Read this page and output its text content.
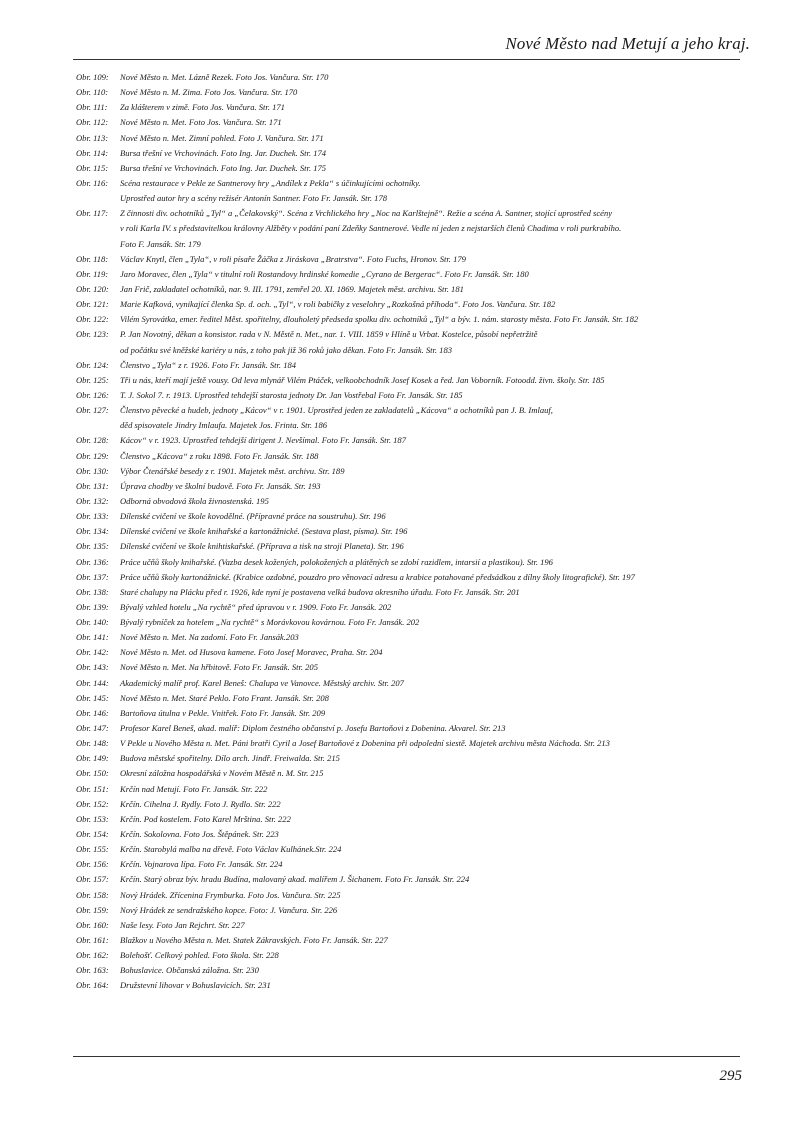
Nové Město nad Metují a jeho kraj.
Obr. 109:	Nové Město n. Met. Lázně Rezek. Foto Jos. Vančura. Str. 170
Obr. 110:	Nové Město n. M. Zima. Foto Jos. Vančura. Str. 170
Obr. 111:	Za klášterem v zimě. Foto Jos. Vančura. Str. 171
Obr. 112:	Nové Město n. Met. Foto Jos. Vančura. Str. 171
Obr. 113:	Nové Město n. Met. Zimní pohled. Foto J. Vančura. Str. 171
Obr. 114:	Bursa třešní ve Vrchovinách. Foto Ing. Jar. Duchek. Str. 174
Obr. 115:	Bursa třešní ve Vrchovinách. Foto Ing. Jar. Duchek. Str. 175
Obr. 116:	Scéna restaurace v Pekle ze Santnerovy hry „Andílek z Pekla“ s účinkujícími ochotníky.
Uprostřed autor hry a scény režisér Antonín Santner. Foto Fr. Jansák. Str. 178
Obr. 117:	Z činnosti div. ochotníků „Tyl“ a „Čelakovský“. Scéna z Vrchlického hry „Noc na Karlštejně“. Režie a scéna A. Santner, stojící uprostřed scény
v roli Karla IV. s představitelkou královny Alžběty v podání paní Zdeňky Santnerové. Vedle ní jeden z nejstarších členů Chadima v roli purkrabího.
Foto F. Jansák. Str. 179
Obr. 118:	Václav Knytl, člen „Tyla“, v roli písaře Žáčka z Jiráskova „Bratrstva“. Foto Fuchs, Hronov. Str. 179
Obr. 119:	Jaro Moravec, člen „Tyla“ v titulní roli Rostandovy hrdinské komedie „Cyrano de Bergerac“. Foto Fr. Jansák. Str. 180
Obr. 120:	Jan Frič, zakladatel ochotníků, nar. 9. III. 1791, zemřel 20. XI. 1869. Majetek měst. archivu. Str. 181
Obr. 121:	Marie Kafková, vynikající členka Sp. d. och. „Tyl“, v roli babičky z veselohry „Rozkošná příhoda“. Foto Jos. Vančura. Str. 182
Obr. 122:	Vilém Syrovátka, emer. ředitel Měst. spořitelny, dlouholetý předseda spolku div. ochotníků „Tyl“ a býv. 1. nám. starosty města. Foto Fr. Jansák. Str. 182
Obr. 123:	P. Jan Novotný, děkan a konsistor. rada v N. Městě n. Met., nar. 1. VIII. 1859 v Hlíně u Vrbat. Kostelce, působí nepřetržitě
od počátku své kněžské kariéry u nás, z toho pak již 36 roků jako děkan. Foto Fr. Jansák. Str. 183
Obr. 124:	Členstvo „Tyla“ z r. 1926. Foto Fr. Jansák. Str. 184
Obr. 125:	Tři u nás, kteří mají ještě vousy. Od leva mlynář Vilém Ptáček, velkoobchodník Josef Kosek a řed. Jan Voborník. Fotoodd. živn. školy. Str. 185
Obr. 126:	T. J. Sokol 7. r. 1913. Uprostřed tehdejší starosta jednoty Dr. Jan Vostřebal Foto Fr. Jansák. Str. 185
Obr. 127:	Členstvo pěvecké a hudeb, jednoty „Kácov“ v r. 1901. Uprostřed jeden ze zakladatelů „Kácova“ a ochotníků pan J. B. Imlauf,
děd spisovatele Jindry Imlaufa. Majetek Jos. Frinta. Str. 186
Obr. 128:	Kácov“ v r. 1923. Uprostřed tehdejší dirigent J. Nevšímal. Foto Fr. Jansák. Str. 187
Obr. 129:	Členstvo „Kácova“ z roku 1898. Foto Fr. Jansák. Str. 188
Obr. 130:	Výbor Čtenářské besedy z r. 1901. Majetek měst. archivu. Str. 189
Obr. 131:	Úprava chodby ve školní budově. Foto Fr. Jansák. Str. 193
Obr. 132:	Odborná obvodová škola živnostenská. 195
Obr. 133:	Dílenské cvičení ve škole kovodělné. (Přípravné práce na soustruhu). Str. 196
Obr. 134:	Dílenské cvičení ve škole knihařské a kartonážnické. (Sestava plast, písma). Str. 196
Obr. 135:	Dílenské cvičení ve škole knihtiskařské. (Příprava a tisk na stroji Planeta). Str. 196
Obr. 136:	Práce učňů školy knihařské. (Vazba desek kožených, polokožených a plátěných se zdobí razidlem, intarsií a plastikou). Str. 196
Obr. 137:	Práce učňů školy kartonážnické. (Krabice ozdobné, pouzdro pro věnovací adresu a krabice potahované předsádkou z dílny školy litografické). Str. 197
Obr. 138:	Staré chalupy na Plácku před r. 1926, kde nyní je postavena velká budova okresního úřadu. Foto Fr. Jansák. Str. 201
Obr. 139:	Bývalý vzhled hotelu „Na rychtě“ před úpravou v r. 1909. Foto Fr. Jansák. 202
Obr. 140:	Bývalý rybníček za hotelem „Na rychtě“ s Morávkovou kovárnou. Foto Fr. Jansák. 202
Obr. 141:	Nové Město n. Met. Na zadomí. Foto Fr. Jansák.203
Obr. 142:	Nové Město n. Met. od Husova kamene. Foto Josef Moravec, Praha. Str. 204
Obr. 143:	Nové Město n. Met. Na hřbitově. Foto Fr. Jansák. Str. 205
Obr. 144:	Akademický malíř prof. Karel Beneš: Chalupa ve Vanovce. Městský archiv. Str. 207
Obr. 145:	Nové Město n. Met. Staré Peklo. Foto Frant. Jansák. Str. 208
Obr. 146:	Bartoňova útulna v Pekle. Vnitřek. Foto Fr. Jansák. Str. 209
Obr. 147:	Profesor Karel Beneš, akad. malíř: Diplom čestného občanství p. Josefu Bartoňovi z Dobenina. Akvarel. Str. 213
Obr. 148:	V Pekle u Nového Města n. Met. Páni bratři Cyril a Josef Bartoňové z Dobenina při odpolední siestě. Majetek archivu města Náchoda. Str. 213
Obr. 149:	Budova městské spořitelny. Dílo arch. Jindř. Freiwalda. Str. 215
Obr. 150:	Okresní záložna hospodářská v Novém Městě n. M. Str. 215
Obr. 151:	Krčín nad Metují. Foto Fr. Jansák. Str. 222
Obr. 152:	Krčín. Cihelna J. Rydly. Foto J. Rydlo. Str. 222
Obr. 153:	Krčín. Pod kostelem. Foto Karel Mrština. Str. 222
Obr. 154:	Krčín. Sokolovna. Foto Jos. Štěpánek. Str. 223
Obr. 155:	Krčín. Starobylá malba na dřevě. Foto Václav Kulhánek.Str. 224
Obr. 156:	Krčín. Vojnarova lípa. Foto Fr. Jansák. Str. 224
Obr. 157:	Krčín. Starý obraz býv. hradu Budína, malovaný akad. malířem J. Šichanem. Foto Fr. Jansák. Str. 224
Obr. 158:	Nový Hrádek. Zřícenina Frymburka. Foto Jos. Vančura. Str. 225
Obr. 159:	Nový Hrádek ze sendražského kopce. Foto: J. Vančura. Str. 226
Obr. 160:	Naše lesy. Foto Jan Rejchrt. Str. 227
Obr. 161:	Blažkov u Nového Města n. Met. Statek Zákravských. Foto Fr. Jansák. Str. 227
Obr. 162:	Bolehošť. Celkový pohled. Foto škola. Str. 228
Obr. 163:	Bohuslavice. Občanská záložna. Str. 230
Obr. 164:	Družstevní lihovar v Bohuslavicích. Str. 231
295
